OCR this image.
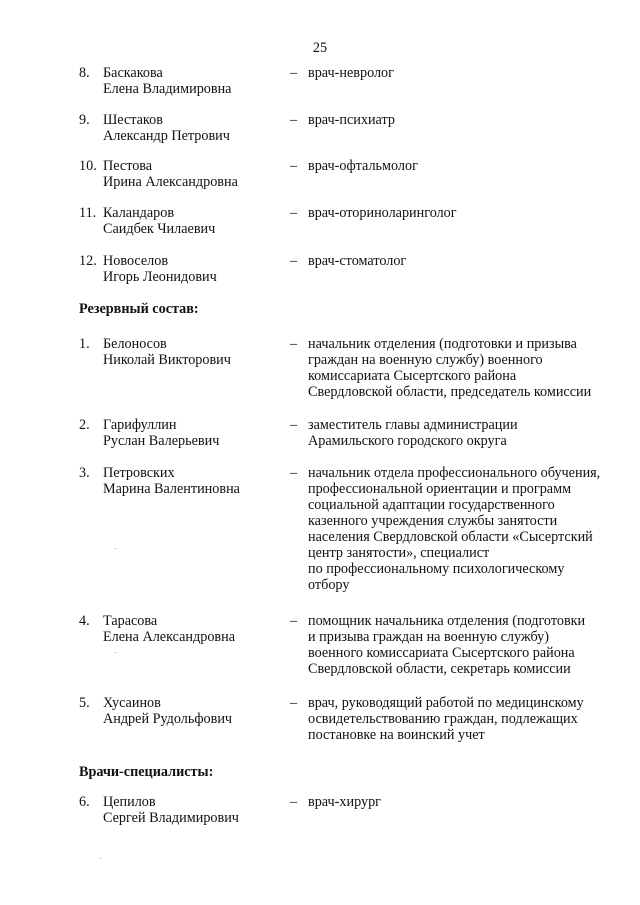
25
8. Баскакова
Елена Владимировна
– врач-невролог
9. Шестаков
Александр Петрович
– врач-психиатр
10. Пестова
Ирина Александровна
– врач-офтальмолог
11. Каландаров
Саидбек Чилаевич
– врач-оториноларинголог
12. Новоселов
Игорь Леонидович
– врач-стоматолог
Резервный состав:
1. Белоносов
Николай Викторович
– начальник отделения (подготовки и призыва
граждан на военную службу) военного
комиссариата Сысертского района
Свердловской области, председатель комиссии
2. Гарифуллин
Руслан Валерьевич
– заместитель главы администрации
Арамильского городского округа
3. Петровских
Марина Валентиновна
– начальник отдела профессионального обучения,
профессиональной ориентации и программ
социальной адаптации государственного
казенного учреждения службы занятости
населения Свердловской области «Сысертский
центр занятости», специалист
по профессиональному психологическому
отбору
4. Тарасова
Елена Александровна
– помощник начальника отделения (подготовки
и призыва граждан на военную службу)
военного комиссариата Сысертского района
Свердловской области, секретарь комиссии
5. Хусаинов
Андрей Рудольфович
– врач, руководящий работой по медицинскому
освидетельствованию граждан, подлежащих
постановке на воинский учет
Врачи-специалисты:
6. Цепилов
Сергей Владимирович
– врач-хирург
